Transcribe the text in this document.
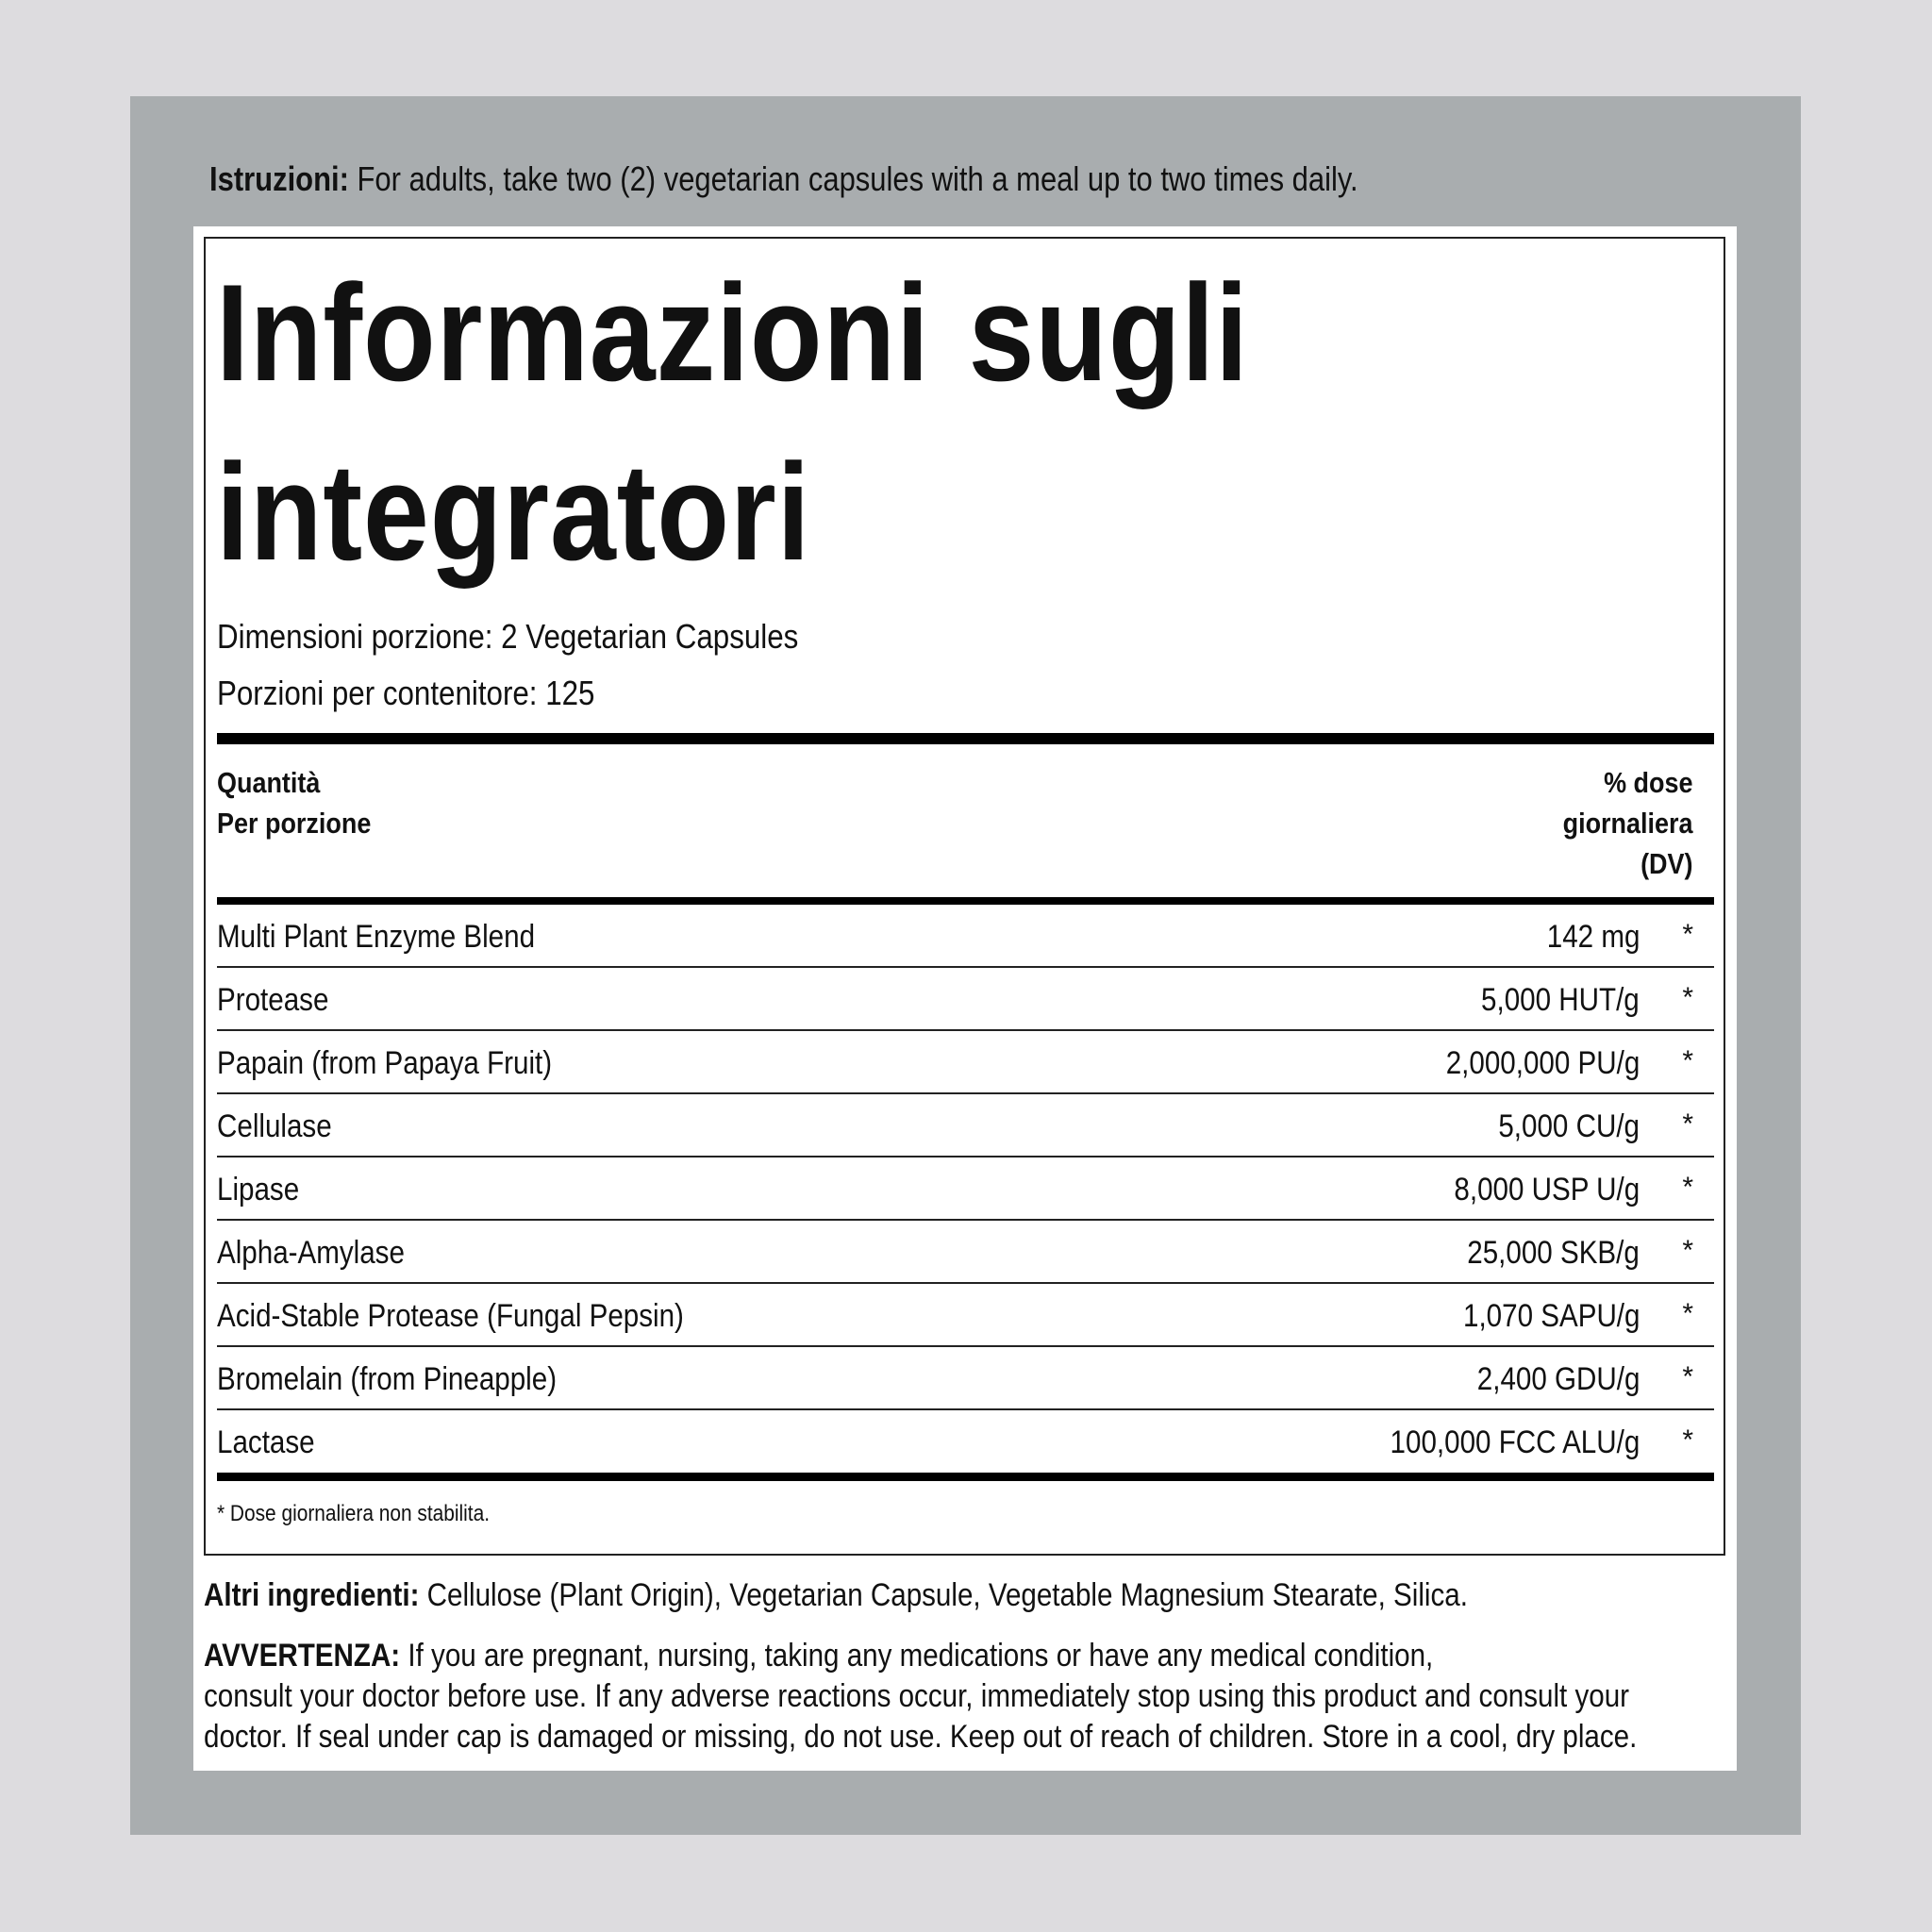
Istruzioni: For adults, take two (2) vegetarian capsules with a meal up to two times daily.
Informazioni sugli integratori
Dimensioni porzione: 2 Vegetarian Capsules
Porzioni per contenitore: 125
Quantità
Per porzione
% dose
giornaliera
(DV)
Multi Plant Enzyme Blend	142 mg *
Protease	5,000 HUT/g *
Papain (from Papaya Fruit)	2,000,000 PU/g *
Cellulase	5,000 CU/g *
Lipase	8,000 USP U/g *
Alpha-Amylase	25,000 SKB/g *
Acid-Stable Protease (Fungal Pepsin)	1,070 SAPU/g *
Bromelain (from Pineapple)	2,400 GDU/g *
Lactase	100,000 FCC ALU/g *
* Dose giornaliera non stabilita.
Altri ingredienti: Cellulose (Plant Origin), Vegetarian Capsule, Vegetable Magnesium Stearate, Silica.
AVVERTENZA: If you are pregnant, nursing, taking any medications or have any medical condition,
consult your doctor before use. If any adverse reactions occur, immediately stop using this product and consult your
doctor. If seal under cap is damaged or missing, do not use. Keep out of reach of children. Store in a cool, dry place.
